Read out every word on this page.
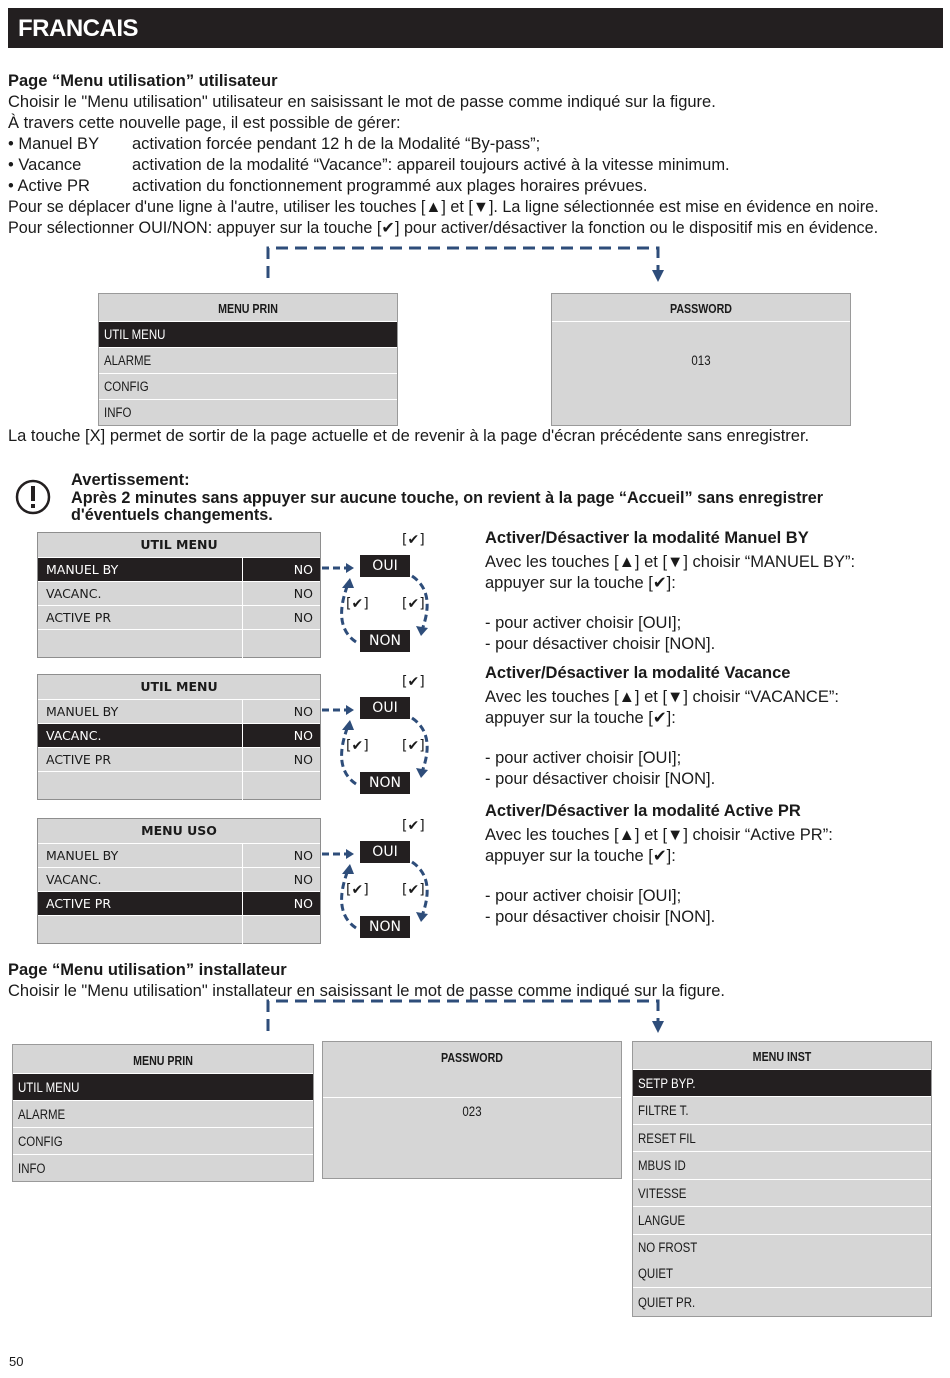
FRANCAIS
Page “Menu utilisation” utilisateur
Choisir le "Menu utilisation" utilisateur en saisissant le mot de passe comme indiqué sur la figure.
À travers cette nouvelle page, il est possible de gérer:
• Manuel BY activation forcée pendant 12 h de la Modalité “By-pass”;
• Vacance	activation de la modalité “Vacance”: appareil toujours activé à la vitesse minimum.
• Active PR	activation du fonctionnement programmé aux plages horaires prévues.
Pour se déplacer d'une ligne à l'autre, utiliser les touches [▲] et [▼]. La ligne sélectionnée est mise en évidence en noire.
Pour sélectionner OUI/NON: appuyer sur la touche [✔] pour activer/désactiver la fonction ou le dispositif mis en évidence.
MENU PRIN
UTIL MENU
ALARME
CONFIG
INFO
PASSWORD
013
La touche [X] permet de sortir de la page actuelle et de revenir à la page d'écran précédente sans enregistrer.
Avertissement:
Après 2 minutes sans appuyer sur aucune touche, on revient à la page “Accueil” sans enregistrer
d'éventuels changements.
UTIL MENU
MANUEL BY	NO
VACANC.	NO
ACTIVE PR	NO
UTIL MENU
MANUEL BY	NO
VACANC.	NO
ACTIVE PR	NO
MENU USO
MANUEL BY	NO
VACANC.	NO
ACTIVE PR	NO
[✔]
OUI
[✔] [✔]
NON
[✔]
OUI
[✔] [✔]
NON
[✔]
OUI
[✔] [✔]
NON
Activer/Désactiver la modalité Manuel BY
Avec les touches [▲] et [▼] choisir “MANUEL BY”:
appuyer sur la touche [✔]:
- pour activer choisir [OUI];
- pour désactiver choisir [NON].
Activer/Désactiver la modalité Vacance
Avec les touches [▲] et [▼] choisir “VACANCE”:
appuyer sur la touche [✔]:
- pour activer choisir [OUI];
- pour désactiver choisir [NON].
Activer/Désactiver la modalité Active PR
Avec les touches [▲] et [▼] choisir “Active PR”:
appuyer sur la touche [✔]:
- pour activer choisir [OUI];
- pour désactiver choisir [NON].
Page “Menu utilisation” installateur
Choisir le "Menu utilisation" installateur en saisissant le mot de passe comme indiqué sur la figure.
MENU PRIN
UTIL MENU
ALARME
CONFIG
INFO
PASSWORD
023
MENU INST
SETP BYP.
FILTRE T.
RESET FIL
MBUS ID
VITESSE
LANGUE
NO FROST
QUIET
QUIET PR.
50
